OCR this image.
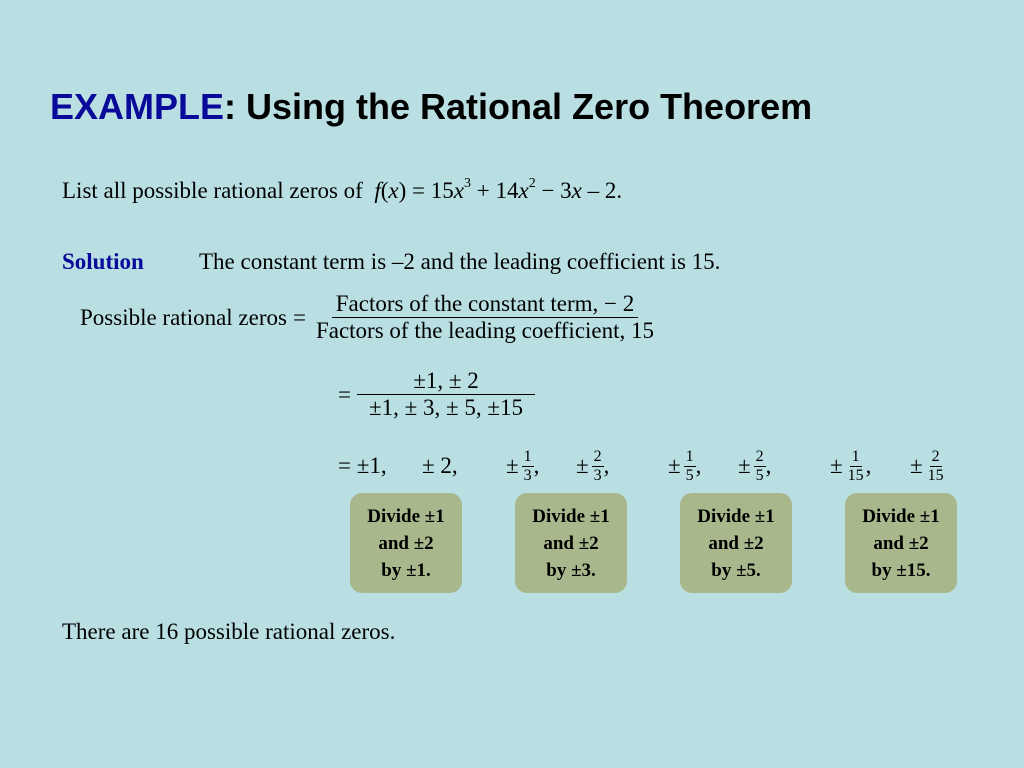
EXAMPLE: Using the Rational Zero Theorem
List all possible rational zeros of $f(x) = 15x^3 + 14x^2 - 3x - 2$.
Solution The constant term is –2 and the leading coefficient is 15.
Possible rational zeros = $\frac{\text{Factors of the constant term, − 2}}{\text{Factors of the leading coefficient, 15}}$
= $\frac{\pm 1, \pm 2}{\pm 1, \pm 3, \pm 5, \pm 15}$
= ±1, ± 2, ± $\frac{1}{3}$ , ± $\frac{2}{3}$ ,	± $\frac{1}{5}$ , ± $\frac{2}{5}$ ,	± $\frac{1}{15}$ , ± $\frac{2}{15}$
Divide ±1
and ±2
by ±1.
Divide ±1
and ±2
by ±3.
Divide ±1
and ±2
by ±5.
Divide ±1
and ±2
by ±15.
There are 16 possible rational zeros.
